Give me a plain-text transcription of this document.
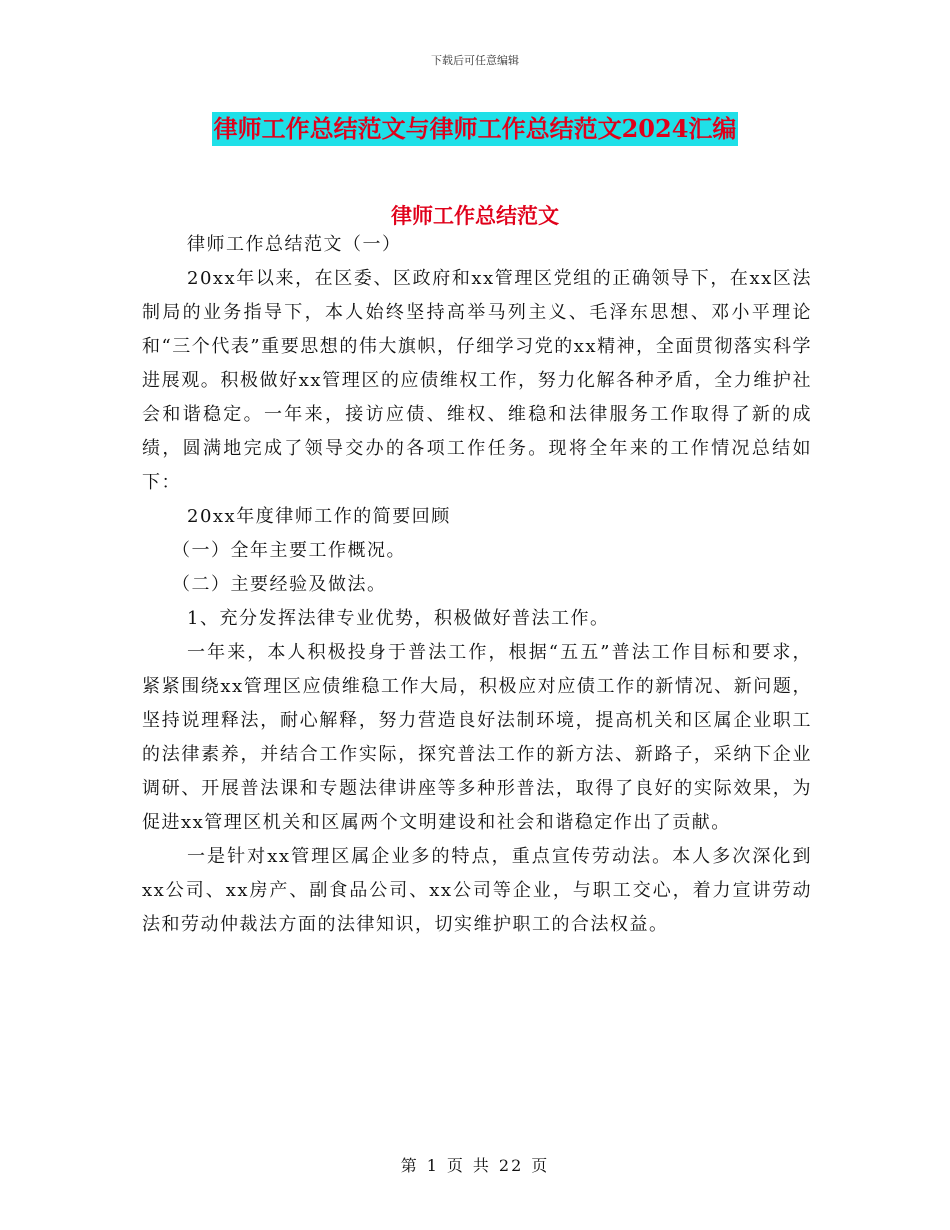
下载后可任意编辑
律师工作总结范文与律师工作总结范文2024汇编
律师工作总结范文

律师工作总结范文（一）

20xx年以来，在区委、区政府和xx管理区党组的正确领导下，在xx区法制局的业务指导下，本人始终坚持高举马列主义、毛泽东思想、邓小平理论和“三个代表”重要思想的伟大旗帜，仔细学习党的xx精神，全面贯彻落实科学进展观。积极做好xx管理区的应债维权工作，努力化解各种矛盾，全力维护社会和谐稳定。一年来，接访应债、维权、维稳和法律服务工作取得了新的成绩，圆满地完成了领导交办的各项工作任务。现将全年来的工作情况总结如下：

20xx年度律师工作的简要回顾

（一）全年主要工作概况。

（二）主要经验及做法。

1、充分发挥法律专业优势，积极做好普法工作。

一年来，本人积极投身于普法工作，根据“五五”普法工作目标和要求，紧紧围绕xx管理区应债维稳工作大局，积极应对应债工作的新情况、新问题，坚持说理释法，耐心解释，努力营造良好法制环境，提高机关和区属企业职工的法律素养，并结合工作实际，探究普法工作的新方法、新路子，采纳下企业调研、开展普法课和专题法律讲座等多种形普法，取得了良好的实际效果，为促进xx管理区机关和区属两个文明建设和社会和谐稳定作出了贡献。

一是针对xx管理区属企业多的特点，重点宣传劳动法。本人多次深化到xx公司、xx房产、副食品公司、xx公司等企业，与职工交心，着力宣讲劳动法和劳动仲裁法方面的法律知识，切实维护职工的合法权益。

第 1 页 共 22 页
